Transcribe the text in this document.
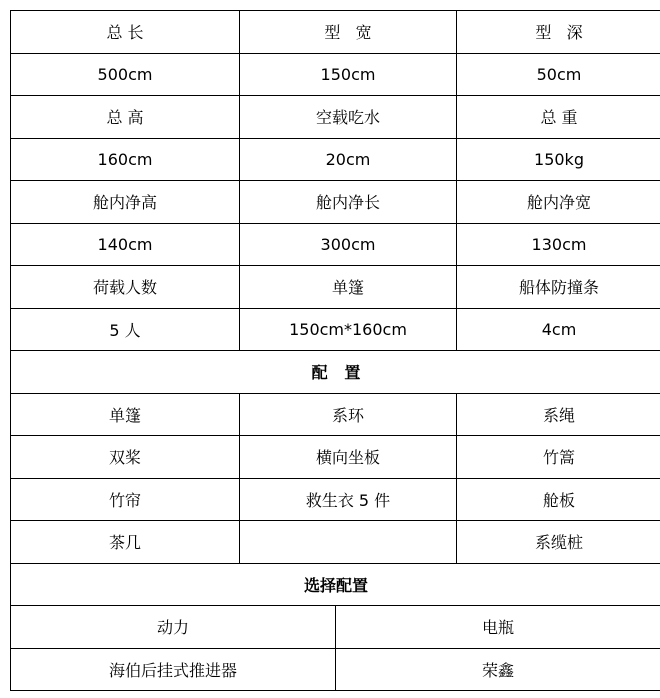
总 长	型   宽	型   深
500cm	150cm	50cm
总 高	空载吃水	总 重
160cm	20cm	150kg
舱内净高	舱内净长	舱内净宽
140cm	300cm	130cm
荷载人数	单篷	船体防撞条
5 人	150cm*160cm	4cm
配   置		
单篷	系环	系绳
双桨	横向坐板	竹篙
竹帘	救生衣 5 件	舱板
茶几		系缆桩
选择配置		
动力	电瓶
海伯后挂式推进器	荣鑫
